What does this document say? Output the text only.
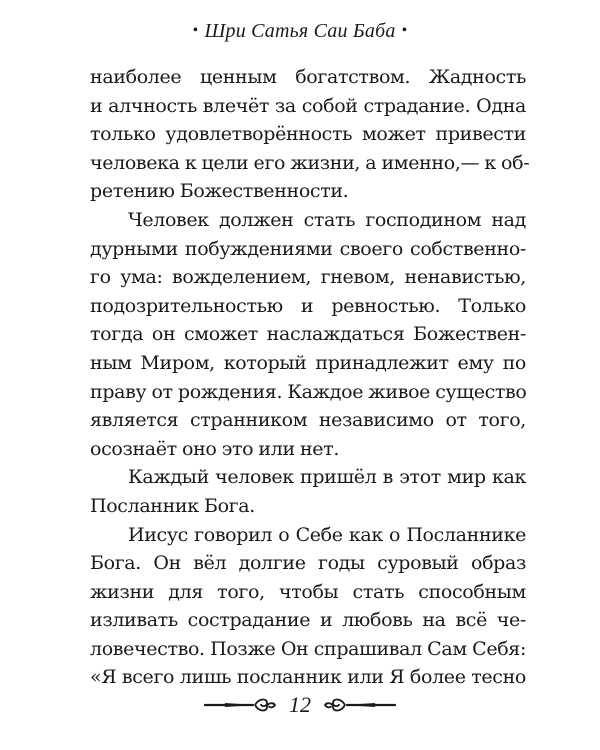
• Шри Сатья Саи Баба •
наиболее ценным богатством. Жадность
и алчность влечёт за собой страдание. Одна
только удовлетворённость может привести
человека к цели его жизни, а именно,— к об-
ретению Божественности.
Человек должен стать господином над
дурными побуждениями своего собственно-
го ума: вожделением, гневом, ненавистью,
подозрительностью и ревностью. Только
тогда он сможет наслаждаться Божествен-
ным Миром, который принадлежит ему по
праву от рождения. Каждое живое существо
является странником независимо от того,
осознаёт оно это или нет.
Каждый человек пришёл в этот мир как
Посланник Бога.
Иисус говорил о Себе как о Посланнике
Бога. Он вёл долгие годы суровый образ
жизни для того, чтобы стать способным
изливать сострадание и любовь на всё че-
ловечество. Позже Он спрашивал Сам Себя:
«Я всего лишь посланник или Я более тесно
12
